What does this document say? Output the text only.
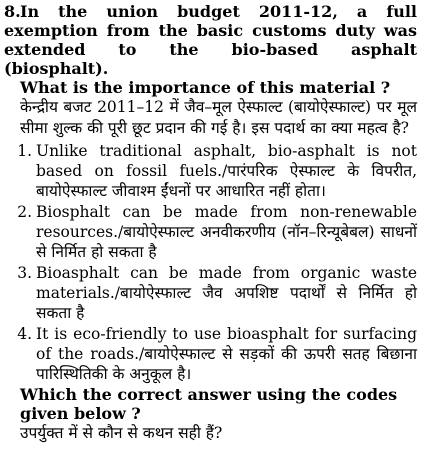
8.In the union budget 2011-12, a full exemption from the basic customs duty was extended to the bio-based asphalt (biosphalt).
What is the importance of this material ?
केन्द्रीय बजट 2011–12 में जैव–मूल ऐस्फाल्ट (बायोऐस्फाल्ट) पर मूल सीमा शुल्क की पूरी छूट प्रदान की गई है। इस पदार्थ का क्या महत्व है?
1. Unlike traditional asphalt, bio-asphalt is not based on fossil fuels./पारंपरिक ऐस्फाल्ट के विपरीत, बायोऐस्फाल्ट जीवाश्म ईंधनों पर आधारित नहीं होता।
2. Biosphalt can be made from non-renewable resources./बायोऐस्फाल्ट अनवीकरणीय (नॉन–रिन्यूबेबल) साधनों से निर्मित हो सकता है
3. Bioasphalt can be made from organic waste materials./बायोऐस्फाल्ट जैव अपशिष्ट पदार्थों से निर्मित हो सकता है
4. It is eco-friendly to use bioasphalt for surfacing of the roads./बायोऐस्फाल्ट से सड़कों की ऊपरी सतह बिछाना पारिस्थितिकी के अनुकूल है।
Which the correct answer using the codes given below ?
उपर्युक्त में से कौन से कथन सही हैं?
